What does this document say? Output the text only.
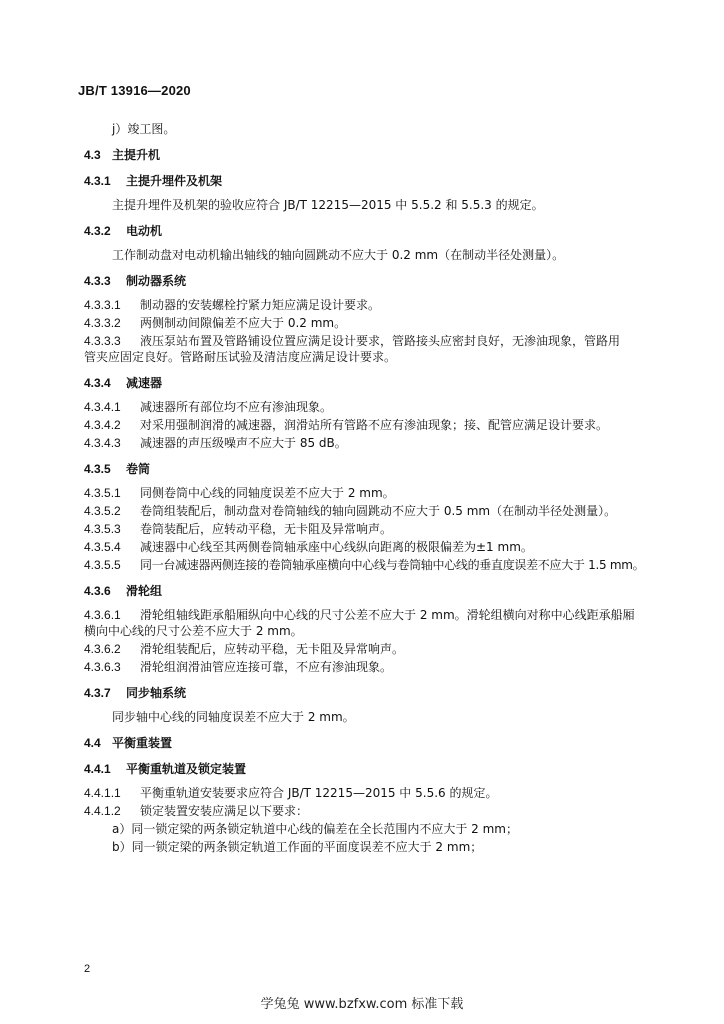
JB/T 13916—2020
j）竣工图。
4.3 主提升机
4.3.1	主提升埋件及机架
主提升埋件及机架的验收应符合 JB/T 12215—2015 中 5.5.2 和 5.5.3 的规定。
4.3.2	电动机
工作制动盘对电动机输出轴线的轴向圆跳动不应大于 0.2 mm（在制动半径处测量）。
4.3.3	制动器系统
4.3.3.1	制动器的安装螺栓拧紧力矩应满足设计要求。
4.3.3.2	两侧制动间隙偏差不应大于 0.2 mm。
4.3.3.3	液压泵站布置及管路铺设位置应满足设计要求，管路接头应密封良好，无渗油现象，管路用
管夹应固定良好。管路耐压试验及清洁度应满足设计要求。
4.3.4	减速器
4.3.4.1	减速器所有部位均不应有渗油现象。
4.3.4.2	对采用强制润滑的减速器，润滑站所有管路不应有渗油现象；接、配管应满足设计要求。
4.3.4.3	减速器的声压级噪声不应大于 85 dB。
4.3.5	卷筒
4.3.5.1	同侧卷筒中心线的同轴度误差不应大于 2 mm。
4.3.5.2	卷筒组装配后，制动盘对卷筒轴线的轴向圆跳动不应大于 0.5 mm（在制动半径处测量）。
4.3.5.3	卷筒装配后，应转动平稳，无卡阻及异常响声。
4.3.5.4	减速器中心线至其两侧卷筒轴承座中心线纵向距离的极限偏差为±1 mm。
4.3.5.5	同一台减速器两侧连接的卷筒轴承座横向中心线与卷筒轴中心线的垂直度误差不应大于 1.5 mm。
4.3.6	滑轮组
4.3.6.1	滑轮组轴线距承船厢纵向中心线的尺寸公差不应大于 2 mm。滑轮组横向对称中心线距承船厢
横向中心线的尺寸公差不应大于 2 mm。
4.3.6.2	滑轮组装配后，应转动平稳，无卡阻及异常响声。
4.3.6.3	滑轮组润滑油管应连接可靠，不应有渗油现象。
4.3.7	同步轴系统
同步轴中心线的同轴度误差不应大于 2 mm。
4.4 平衡重装置
4.4.1	平衡重轨道及锁定装置
4.4.1.1	平衡重轨道安装要求应符合 JB/T 12215—2015 中 5.5.6 的规定。
4.4.1.2	锁定装置安装应满足以下要求：
a）同一锁定梁的两条锁定轨道中心线的偏差在全长范围内不应大于 2 mm；
b）同一锁定梁的两条锁定轨道工作面的平面度误差不应大于 2 mm；
2
学兔兔 www.bzfxw.com 标准下载
